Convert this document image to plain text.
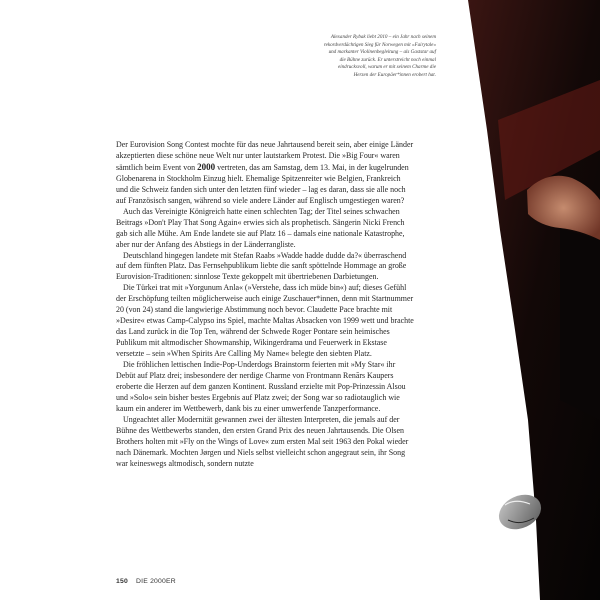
Alexander Rybak liebt 2010 – ein Jahr nach seinem

rekordverdächtigen Sieg für Norwegen mit »Fairytale«

und markanter Violinenbegleitung – als Gaststar auf

die Bühne zurück. Er unterstreicht noch einmal

eindrucksvoll, warum er mit seinem Charme die

Herzen der Europäer*innen erobert hat.

Der Eurovision Song Contest mochte für das neue Jahrtausend bereit sein, aber einige Länder akzeptierten diese schöne neue Welt nur unter lautstarkem Protest. Die »Big Four« waren sämtlich beim Event von 2000 vertreten, das am Samstag, dem 13. Mai, in der kugelrunden Globenarena in Stockholm Einzug hielt. Ehemalige Spitzenreiter wie Belgien, Frankreich und die Schweiz fanden sich unter den letzten fünf wieder – lag es daran, dass sie alle noch auf Französisch sangen, während so viele andere Länder auf Englisch umgestiegen waren?

Auch das Vereinigte Königreich hatte einen schlechten Tag; der Titel seines schwachen Beitrags »Don't Play That Song Again« erwies sich als prophetisch. Sängerin Nicki French gab sich alle Mühe. Am Ende landete sie auf Platz 16 – damals eine nationale Katastrophe, aber nur der Anfang des Abstiegs in der Länderrangliste.

Deutschland hingegen landete mit Stefan Raabs »Wadde hadde dudde da?« überraschend auf dem fünften Platz. Das Fernsehpublikum liebte die sanft spöttelnde Hommage an große Eurovision-Traditionen: sinnlose Texte gekoppelt mit übertriebenen Darbietungen.

Die Türkei trat mit »Yorgunum Anla« (»Verstehe, dass ich müde bin«) auf; dieses Gefühl der Erschöpfung teilten möglicherweise auch einige Zuschauer*innen, denn mit Startnummer 20 (von 24) stand die langwierige Abstimmung noch bevor. Claudette Pace brachte mit »Desire« etwas Camp-Calypso ins Spiel, machte Maltas Absacken von 1999 wett und brachte das Land zurück in die Top Ten, während der Schwede Roger Pontare sein heimisches Publikum mit altmodischer Showmanship, Wikingerdrama und Feuerwerk in Ekstase versetzte – sein »When Spirits Are Calling My Name« belegte den siebten Platz.

Die fröhlichen lettischen Indie-Pop-Underdogs Brainstorm feierten mit »My Star« ihr Debüt auf Platz drei; insbesondere der nerdige Charme von Frontmann Renārs Kaupers eroberte die Herzen auf dem ganzen Kontinent. Russland erzielte mit Pop-Prinzessin Alsou und »Solo« sein bisher bestes Ergebnis auf Platz zwei; der Song war so radiotauglich wie kaum ein anderer im Wettbewerb, dank bis zu einer umwerfende Tanzperformance.

Ungeachtet aller Modernität gewannen zwei der ältesten Interpreten, die jemals auf der Bühne des Wettbewerbs standen, den ersten Grand Prix des neuen Jahrtausends. Die Olsen Brothers holten mit »Fly on the Wings of Love« zum ersten Mal seit 1963 den Pokal wieder nach Dänemark. Mochten Jørgen und Niels selbst vielleicht schon angegraut sein, ihr Song war keineswegs altmodisch, sondern nutzte

150 DIE 2000ER
